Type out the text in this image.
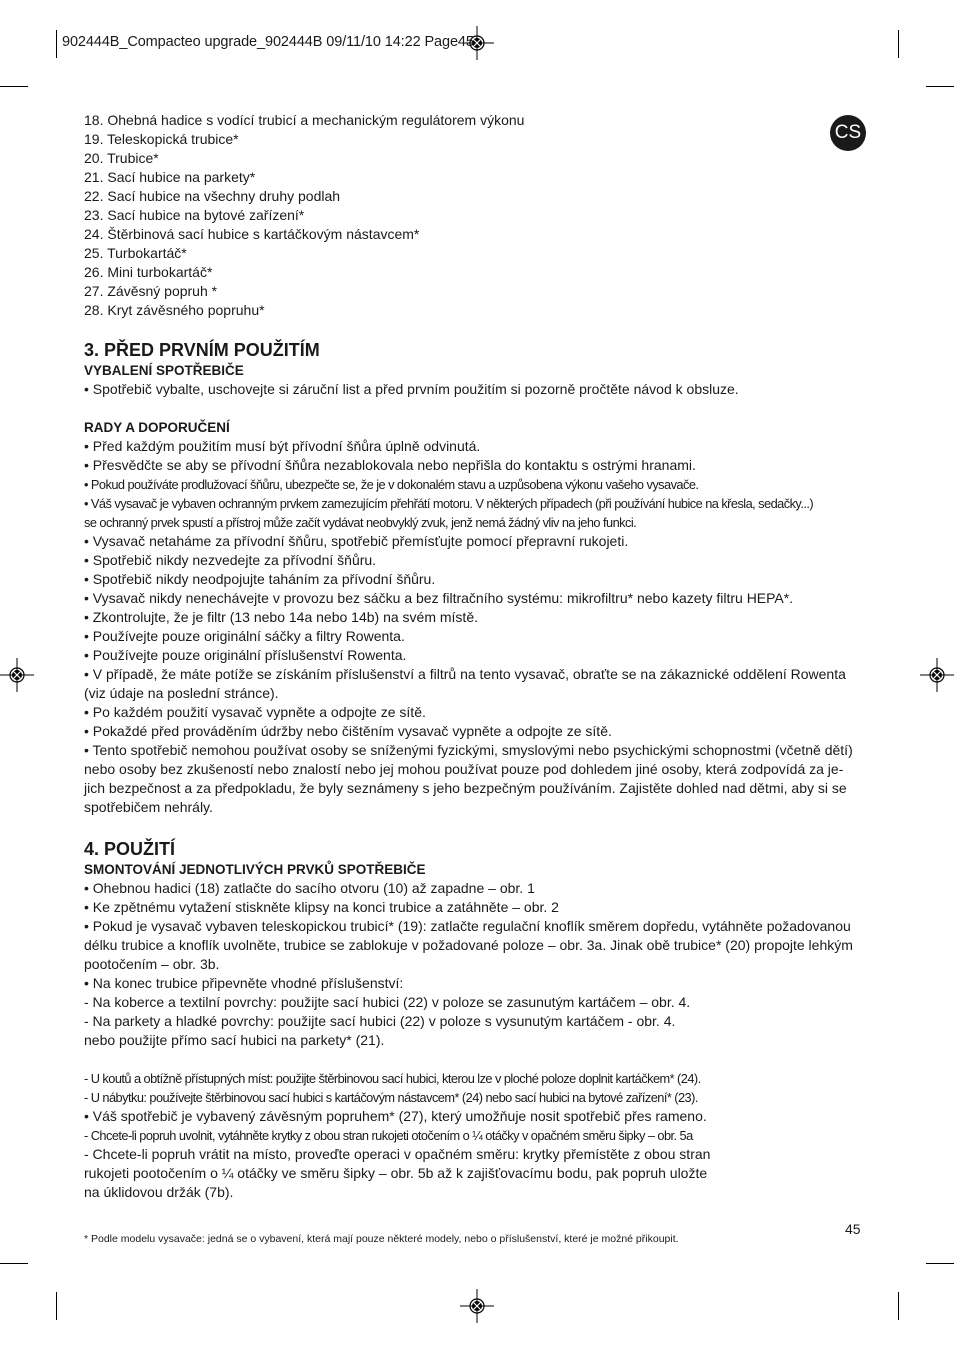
902444B_Compacteo upgrade_902444B 09/11/10 14:22 Page45
CS
18. Ohebná hadice s vodící trubicí a mechanickým regulátorem výkonu
19. Teleskopická trubice*
20. Trubice*
21. Sací hubice na parkety*
22. Sací hubice na všechny druhy podlah
23. Sací hubice na bytové zařízení*
24. Štěrbinová sací hubice s kartáčkovým nástavcem*
25. Turbokartáč*
26. Mini turbokartáč*
27. Závěsný popruh *
28. Kryt závěsného popruhu*
3. PŘED PRVNÍM POUŽITÍM
VYBALENÍ SPOTŘEBIČE
• Spotřebič vybalte, uschovejte si záruční list a před prvním použitím si pozorně pročtěte návod k obsluze.
RADY A DOPORUČENÍ
• Před každým použitím musí být přívodní šňůra úplně odvinutá.
• Přesvědčte se aby se přívodní šňůra nezablokovala nebo nepřišla do kontaktu s ostrými hranami.
• Pokud používáte prodlužovací šňůru, ubezpečte se, že je v dokonalém stavu a uzpůsobena výkonu vašeho vysavače.
• Váš vysavač je vybaven ochranným prvkem zamezujícím přehřátí motoru. V některých případech (při používání hubice na křesla, sedačky...)
se ochranný prvek spustí a přístroj může začít vydávat neobvyklý zvuk, jenž nemá žádný vliv na jeho funkci.
• Vysavač netaháme za přívodní šňůru, spotřebič přemísťujte pomocí přepravní rukojeti.
• Spotřebič nikdy nezvedejte za přívodní šňůru.
• Spotřebič nikdy neodpojujte taháním za přívodní šňůru.
• Vysavač nikdy nenechávejte v provozu bez sáčku a bez filtračního systému: mikrofiltru* nebo kazety filtru HEPA*.
• Zkontrolujte, že je filtr (13 nebo 14a nebo 14b) na svém místě.
• Používejte pouze originální sáčky a filtry Rowenta.
• Používejte pouze originální příslušenství Rowenta.
• V případě, že máte potíže se získáním příslušenství a filtrů na tento vysavač, obraťte se na zákaznické oddělení Rowenta
(viz údaje na poslední stránce).
• Po každém použití vysavač vypněte a odpojte ze sítě.
• Pokaždé před prováděním údržby nebo čištěním vysavač vypněte a odpojte ze sítě.
• Tento spotřebič nemohou používat osoby se sníženými fyzickými, smyslovými nebo psychickými schopnostmi (včetně dětí)
nebo osoby bez zkušeností nebo znalostí nebo jej mohou používat pouze pod dohledem jiné osoby, která zodpovídá za je-
jich bezpečnost a za předpokladu, že byly seznámeny s jeho bezpečným používáním. Zajistěte dohled nad dětmi, aby si se
spotřebičem nehrály.
4. POUŽITÍ
SMONTOVÁNÍ JEDNOTLIVÝCH PRVKŮ SPOTŘEBIČE
• Ohebnou hadici (18) zatlačte do sacího otvoru (10) až zapadne – obr. 1
• Ke zpětnému vytažení stiskněte klipsy na konci trubice a zatáhněte – obr. 2
• Pokud je vysavač vybaven teleskopickou trubicí* (19): zatlačte regulační knoflík směrem dopředu, vytáhněte požadovanou
délku trubice a knoflík uvolněte, trubice se zablokuje v požadované poloze – obr. 3a. Jinak obě trubice* (20) propojte lehkým
pootočením – obr. 3b.
• Na konec trubice připevněte vhodné příslušenství:
- Na koberce a textilní povrchy: použijte sací hubici (22) v poloze se zasunutým kartáčem – obr. 4.
- Na parkety a hladké povrchy: použijte sací hubici (22) v poloze s vysunutým kartáčem - obr. 4.
nebo použijte přímo sací hubici na parkety* (21).
- U koutů a obtížně přístupných míst: použijte štěrbinovou sací hubici, kterou lze v ploché poloze doplnit kartáčkem* (24).
- U nábytku: používejte štěrbinovou sací hubici s kartáčovým nástavcem* (24) nebo sací hubici na bytové zařízení* (23).
• Váš spotřebič je vybavený závěsným popruhem* (27), který umožňuje nosit spotřebič přes rameno.
- Chcete-li popruh uvolnit, vytáhněte krytky z obou stran rukojeti otočením o ¼ otáčky v opačném směru šipky – obr. 5a
- Chcete-li popruh vrátit na místo, proveďte operaci v opačném směru: krytky přemístěte z obou stran
rukojeti pootočením o ¼ otáčky ve směru šipky – obr. 5b až k zajišťovacímu bodu, pak popruh uložte
na úklidovou držák (7b).
45
* Podle modelu vysavače: jedná se o vybavení, která mají pouze některé modely, nebo o příslušenství, které je možné přikoupit.
